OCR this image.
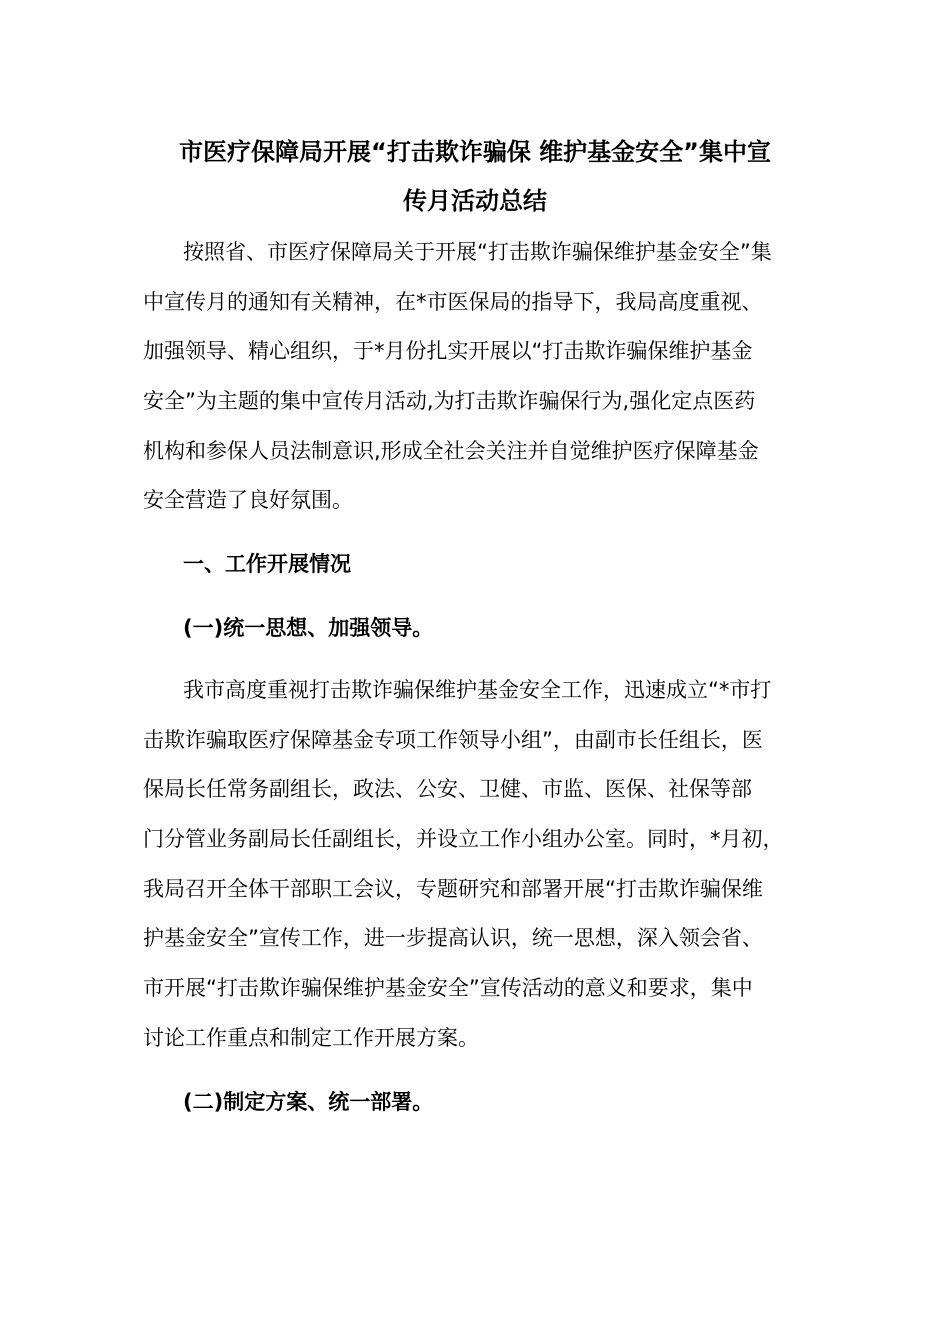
市医疗保障局开展“打击欺诈骗保 维护基金安全”集中宣
传月活动总结
按照省、市医疗保障局关于开展“打击欺诈骗保维护基金安全”集
中宣传月的通知有关精神，在*市医保局的指导下，我局高度重视、
加强领导、精心组织，于*月份扎实开展以“打击欺诈骗保维护基金
安全”为主题的集中宣传月活动,为打击欺诈骗保行为,强化定点医药
机构和参保人员法制意识,形成全社会关注并自觉维护医疗保障基金
安全营造了良好氛围。
一、工作开展情况
(一)统一思想、加强领导。
我市高度重视打击欺诈骗保维护基金安全工作，迅速成立“*市打
击欺诈骗取医疗保障基金专项工作领导小组”，由副市长任组长，医
保局长任常务副组长，政法、公安、卫健、市监、医保、社保等部
门分管业务副局长任副组长，并设立工作小组办公室。同时，*月初，
我局召开全体干部职工会议，专题研究和部署开展“打击欺诈骗保维
护基金安全”宣传工作，进一步提高认识，统一思想，深入领会省、
市开展“打击欺诈骗保维护基金安全”宣传活动的意义和要求，集中
讨论工作重点和制定工作开展方案。
(二)制定方案、统一部署。
